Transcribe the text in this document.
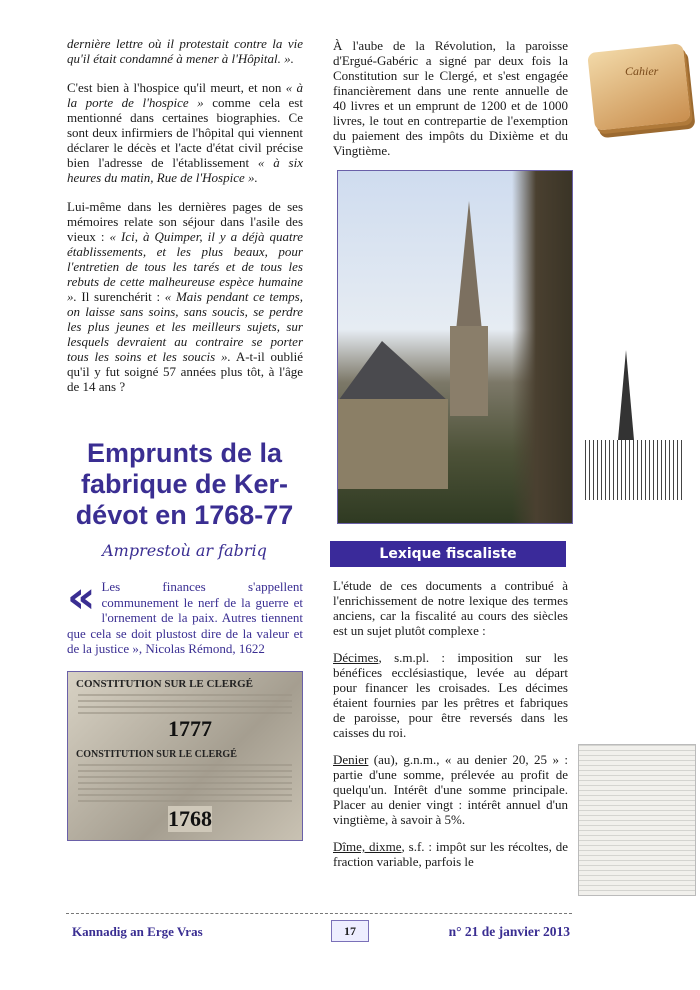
dernière lettre où il protestait contre la vie qu'il était condamné à mener à l'Hôpital. ».

C'est bien à l'hospice qu'il meurt, et non « à la porte de l'hospice » comme cela est mentionné dans certaines biographies. Ce sont deux infirmiers de l'hôpital qui viennent déclarer le décès et l'acte d'état civil précise bien l'adresse de l'établissement « à six heures du matin, Rue de l'Hospice ».

Lui-même dans les dernières pages de ses mémoires relate son séjour dans l'asile des vieux : « Ici, à Quimper, il y a déjà quatre établissements, et les plus beaux, pour l'entretien de tous les tarés et de tous les rebuts de cette malheureuse espèce humaine ». Il surenchérit : « Mais pendant ce temps, on laisse sans soins, sans soucis, se perdre les plus jeunes et les meilleurs sujets, sur lesquels devraient au contraire se porter tous les soins et les soucis ». A-t-il oublié qu'il y fut soigné 57 années plus tôt, à l'âge de 14 ans ?

Emprunts de la fabrique de Ker-dévot en 1768-77
Amprestoù ar fabriq
« Les finances s'appellent communement le nerf de la guerre et l'ornement de la paix. Autres tiennent que cela se doit plustost dire de la valeur et de la justice », Nicolas Rémond, 1622
CONSTITUTION SUR LE CLERGÉ
1777
CONSTITUTION SUR LE CLERGÉ
1768

À l'aube de la Révolution, la paroisse d'Ergué-Gabéric a signé par deux fois la Constitution sur le Clergé, et s'est engagée financièrement dans une rente annuelle de 40 livres et un emprunt de 1200 et de 1000 livres, le tout en contrepartie de l'exemption du paiement des impôts du Dixième et du Vingtième.

Cahier
Lexique fiscaliste

L'étude de ces documents a contribué à l'enrichissement de notre lexique des termes anciens, car la fiscalité au cours des siècles est un sujet plutôt complexe :

Décimes, s.m.pl. : imposition sur les bénéfices ecclésiastique, levée au départ pour financer les croisades. Les décimes étaient fournies par les prêtres et fabriques de paroisse, pour être reversés dans les caisses du roi.

Denier (au), g.n.m., « au denier 20, 25 » : partie d'une somme, prélevée au profit de quelqu'un. Intérêt d'une somme principale. Placer au denier vingt : intérêt annuel d'un vingtième, à savoir à 5%.

Dîme, dixme, s.f. : impôt sur les récoltes, de fraction variable, parfois le

Kannadig an Erge Vras	17	n° 21 de janvier 2013
